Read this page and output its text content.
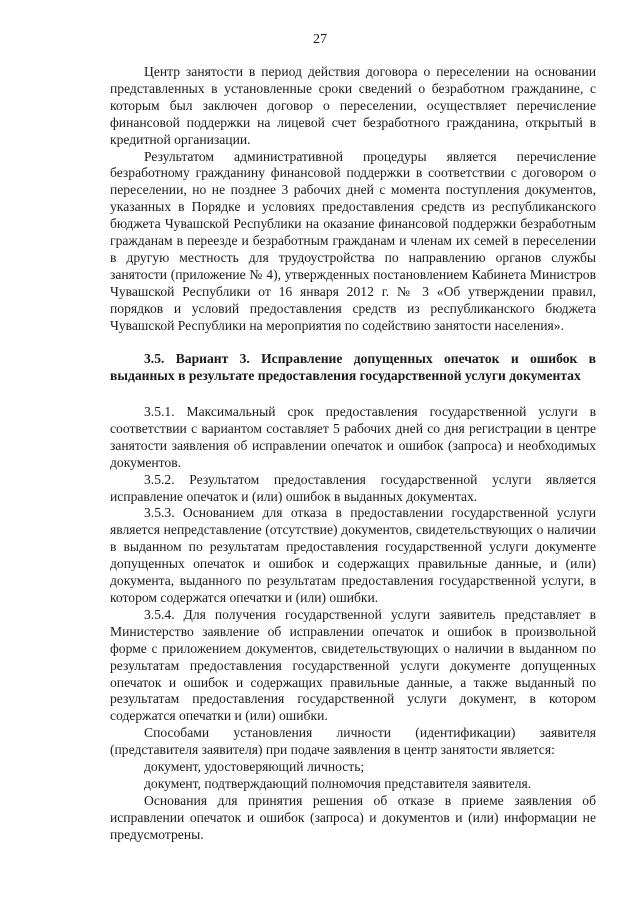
27

Центр занятости в период действия договора о переселении на основании представленных в установленные сроки сведений о безработном гражданине, с которым был заключен договор о переселении, осуществляет перечисление финансовой поддержки на лицевой счет безработного гражданина, открытый в кредитной организации.

Результатом административной процедуры является перечисление безработному гражданину финансовой поддержки в соответствии с договором о переселении, но не позднее 3 рабочих дней с момента поступления документов, указанных в Порядке и условиях предоставления средств из республиканского бюджета Чувашской Республики на оказание финансовой поддержки безработным гражданам в переезде и безработным гражданам и членам их семей в переселении в другую местность для трудоустройства по направлению органов службы занятости (приложение № 4), утвержденных постановлением Кабинета Министров Чувашской Республики от 16 января 2012 г. № 3 «Об утверждении правил, порядков и условий предоставления средств из республиканского бюджета Чувашской Республики на мероприятия по содействию занятости населения».

3.5. Вариант 3. Исправление допущенных опечаток и ошибок в выданных в результате предоставления государственной услуги документах

3.5.1. Максимальный срок предоставления государственной услуги в соответствии с вариантом составляет 5 рабочих дней со дня регистрации в центре занятости заявления об исправлении опечаток и ошибок (запроса) и необходимых документов.

3.5.2. Результатом предоставления государственной услуги является исправление опечаток и (или) ошибок в выданных документах.

3.5.3. Основанием для отказа в предоставлении государственной услуги является непредставление (отсутствие) документов, свидетельствующих о наличии в выданном по результатам предоставления государственной услуги документе допущенных опечаток и ошибок и содержащих правильные данные, и (или) документа, выданного по результатам предоставления государственной услуги, в котором содержатся опечатки и (или) ошибки.

3.5.4. Для получения государственной услуги заявитель представляет в Министерство заявление об исправлении опечаток и ошибок в произвольной форме с приложением документов, свидетельствующих о наличии в выданном по результатам предоставления государственной услуги документе допущенных опечаток и ошибок и содержащих правильные данные, а также выданный по результатам предоставления государственной услуги документ, в котором содержатся опечатки и (или) ошибки.

Способами установления личности (идентификации) заявителя (представителя заявителя) при подаче заявления в центр занятости является:

документ, удостоверяющий личность;

документ, подтверждающий полномочия представителя заявителя.

Основания для принятия решения об отказе в приеме заявления об исправлении опечаток и ошибок (запроса) и документов и (или) информации не предусмотрены.
